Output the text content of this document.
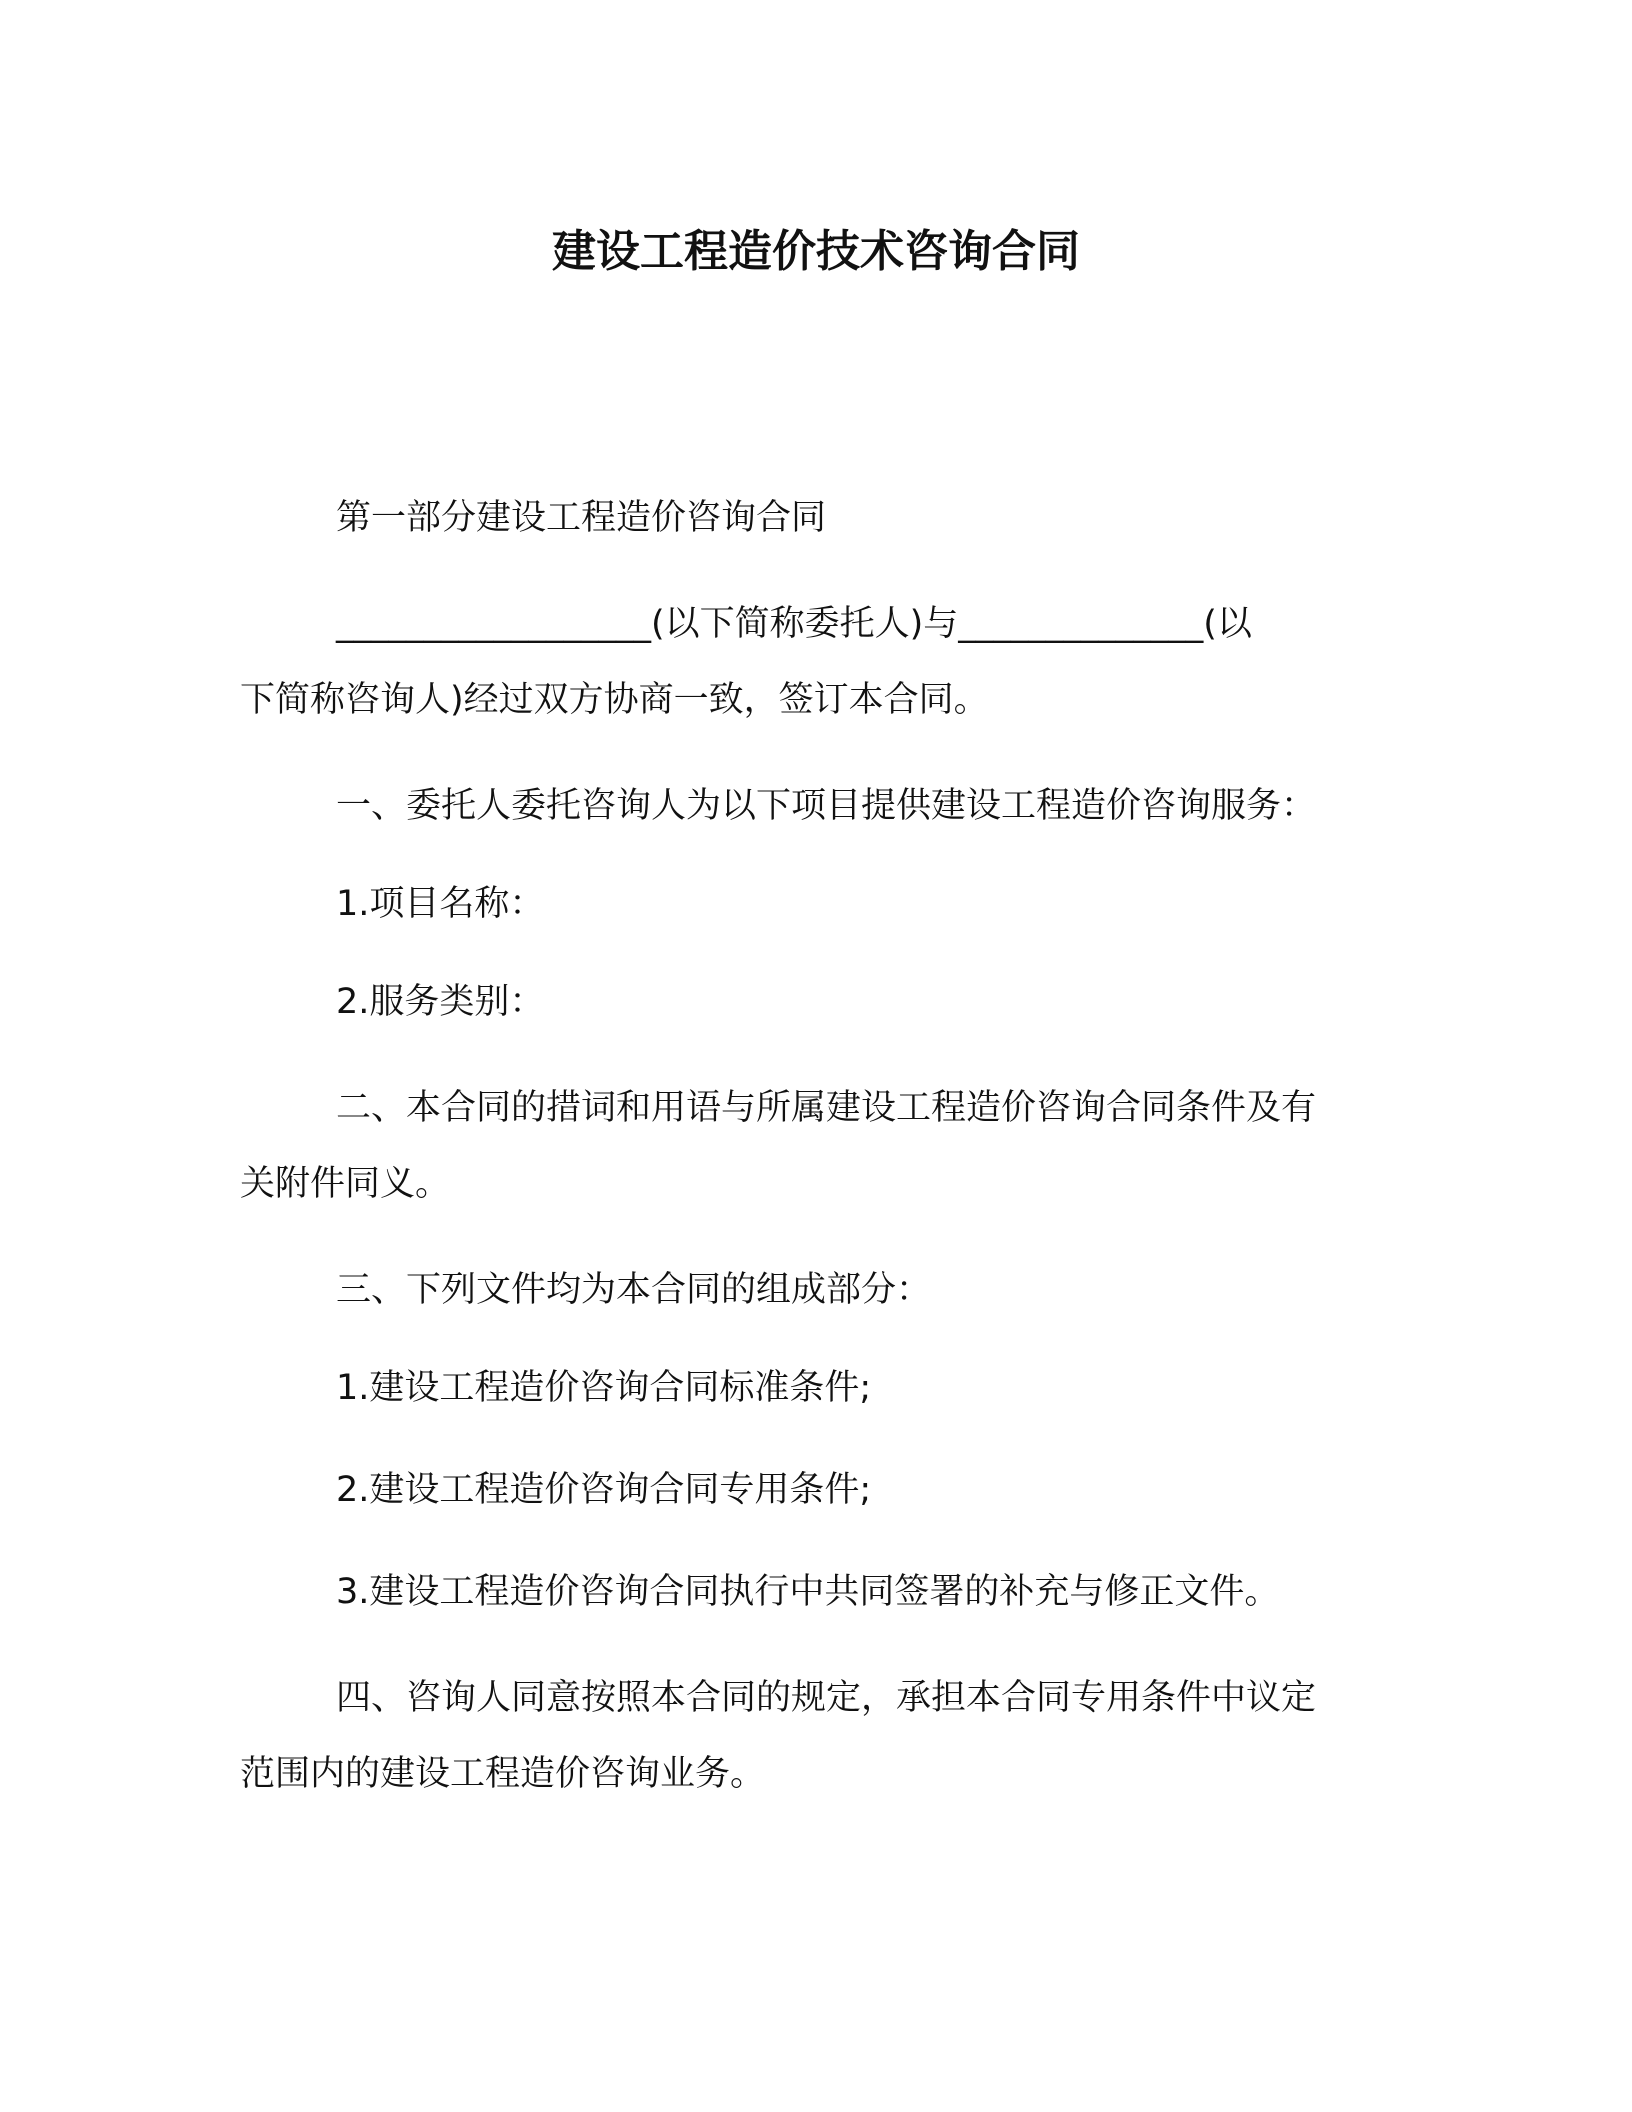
建设工程造价技术咨询合同
第一部分建设工程造价咨询合同
__________________(以下简称委托人)与______________(以
下简称咨询人)经过双方协商一致，签订本合同。
一、委托人委托咨询人为以下项目提供建设工程造价咨询服务：
1.项目名称：
2.服务类别：
二、本合同的措词和用语与所属建设工程造价咨询合同条件及有
关附件同义。
三、下列文件均为本合同的组成部分：
1.建设工程造价咨询合同标准条件;
2.建设工程造价咨询合同专用条件;
3.建设工程造价咨询合同执行中共同签署的补充与修正文件。
四、咨询人同意按照本合同的规定，承担本合同专用条件中议定
范围内的建设工程造价咨询业务。
